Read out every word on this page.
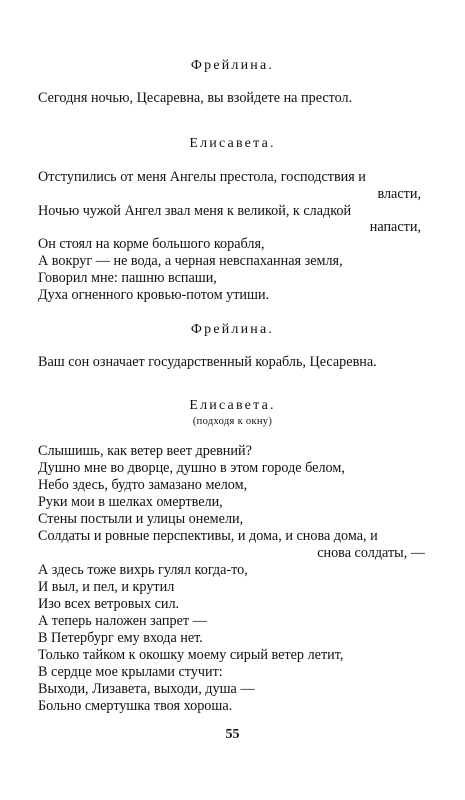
Фрейлина.
Сегодня ночью, Цесаревна, вы взойдете на престол.
Елисавета.
Отступились от меня Ангелы престола, господствия и
власти,
Ночью чужой Ангел звал меня к великой, к сладкой
напасти,
Он стоял на корме большого корабля,
А вокруг — не вода, а черная невспаханная земля,
Говорил мне: пашню вспаши,
Духа огненного кровью-потом утиши.
Фрейлина.
Ваш сон означает государственный корабль, Цесаревна.
Елисавета.
(подходя к окну)
Слышишь, как ветер веет древний?
Душно мне во дворце, душно в этом городе белом,
Небо здесь, будто замазано мелом,
Руки мои в шелках омертвели,
Стены постыли и улицы онемели,
Солдаты и ровные перспективы, и дома, и снова дома, и
снова солдаты, —
А здесь тоже вихрь гулял когда-то,
И выл, и пел, и крутил
Изо всех ветровых сил.
А теперь наложен запрет —
В Петербург ему входа нет.
Только тайком к окошку моему сирый ветер летит,
В сердце мое крылами стучит:
Выходи, Лизавета, выходи, душа —
Больно смертушка твоя хороша.
55
